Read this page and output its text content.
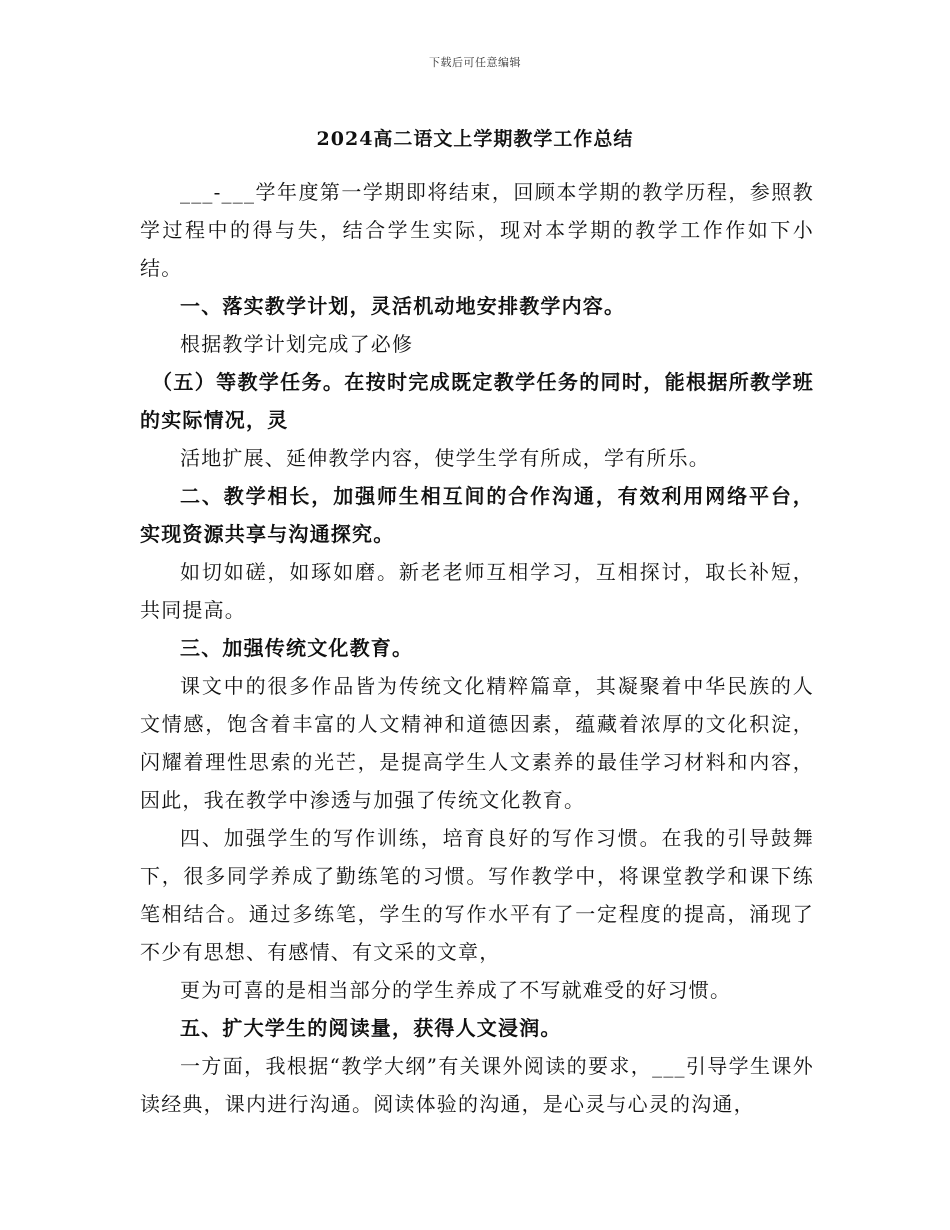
下载后可任意编辑
2024高二语文上学期教学工作总结

___-___学年度第一学期即将结束，回顾本学期的教学历程，参照教学过程中的得与失，结合学生实际，现对本学期的教学工作作如下小结。

一、落实教学计划，灵活机动地安排教学内容。

根据教学计划完成了必修

（五）等教学任务。在按时完成既定教学任务的同时，能根据所教学班的实际情况，灵

活地扩展、延伸教学内容，使学生学有所成，学有所乐。

二、教学相长，加强师生相互间的合作沟通，有效利用网络平台，实现资源共享与沟通探究。

如切如磋，如琢如磨。新老老师互相学习，互相探讨，取长补短，共同提高。

三、加强传统文化教育。

课文中的很多作品皆为传统文化精粹篇章，其凝聚着中华民族的人文情感，饱含着丰富的人文精神和道德因素，蕴藏着浓厚的文化积淀，闪耀着理性思索的光芒，是提高学生人文素养的最佳学习材料和内容，因此，我在教学中渗透与加强了传统文化教育。

四、加强学生的写作训练，培育良好的写作习惯。在我的引导鼓舞下，很多同学养成了勤练笔的习惯。写作教学中，将课堂教学和课下练笔相结合。通过多练笔，学生的写作水平有了一定程度的提高，涌现了不少有思想、有感情、有文采的文章，

更为可喜的是相当部分的学生养成了不写就难受的好习惯。

五、扩大学生的阅读量，获得人文浸润。

一方面，我根据“教学大纲”有关课外阅读的要求，___引导学生课外读经典，课内进行沟通。阅读体验的沟通，是心灵与心灵的沟通，
